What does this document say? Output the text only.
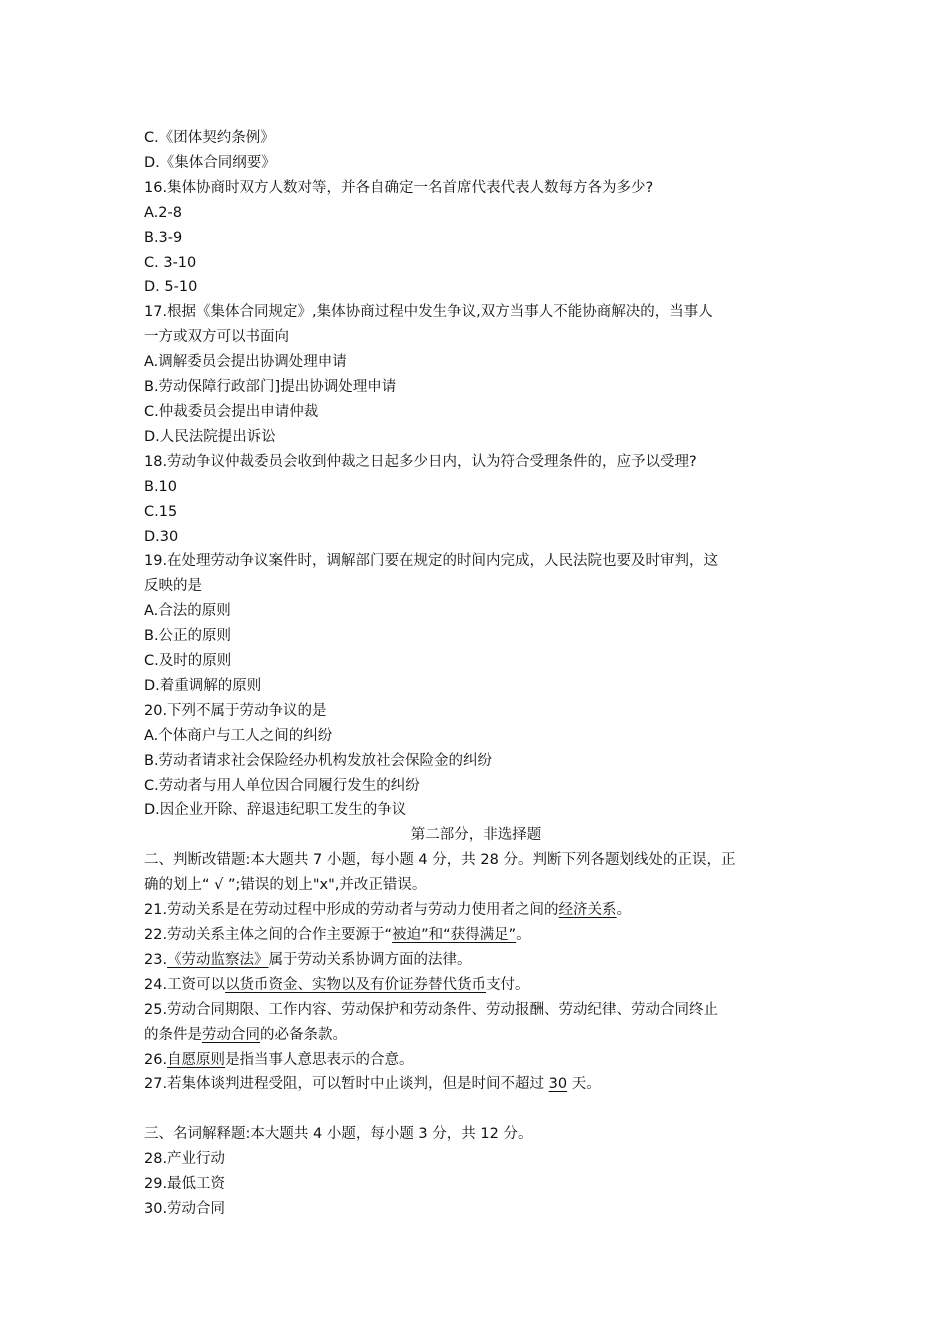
C.《团体契约条例》
D.《集体合同纲要》
16.集体协商时双方人数对等，并各自确定一名首席代表代表人数每方各为多少?
A.2-8
B.3-9
C. 3-10
D. 5-10
17.根据《集体合同规定》,集体协商过程中发生争议,双方当事人不能协商解决的，当事人
一方或双方可以书面向
A.调解委员会提出协调处理申请
B.劳动保障行政部门]提出协调处理申请
C.仲裁委员会提出申请仲裁
D.人民法院提出诉讼
18.劳动争议仲裁委员会收到仲裁之日起多少日内，认为符合受理条件的，应予以受理?
B.10
C.15
D.30
19.在处理劳动争议案件时，调解部门要在规定的时间内完成，人民法院也要及时审判，这
反映的是
A.合法的原则
B.公正的原则
C.及时的原则
D.着重调解的原则
20.下列不属于劳动争议的是
A.个体商户与工人之间的纠纷
B.劳动者请求社会保险经办机构发放社会保险金的纠纷
C.劳动者与用人单位因合同履行发生的纠纷
D.因企业开除、辞退违纪职工发生的争议
第二部分，非选择题
二、判断改错题:本大题共 7 小题，每小题 4 分，共 28 分。判断下列各题划线处的正误，正
确的划上“ √ ”;错误的划上"x",并改正错误。
21.劳动关系是在劳动过程中形成的劳动者与劳动力使用者之间的经济关系。
22.劳动关系主体之间的合作主要源于“被迫”和“获得满足”。
23.《劳动监察法》属于劳动关系协调方面的法律。
24.工资可以以货币资金、实物以及有价证券替代货币支付。
25.劳动合同期限、工作内容、劳动保护和劳动条件、劳动报酬、劳动纪律、劳动合同终止
的条件是劳动合同的必备条款。
26.自愿原则是指当事人意思表示的合意。
27.若集体谈判进程受阻，可以暂时中止谈判，但是时间不超过 30 天。
三、名词解释题:本大题共 4 小题，每小题 3 分，共 12 分。
28.产业行动
29.最低工资
30.劳动合同
